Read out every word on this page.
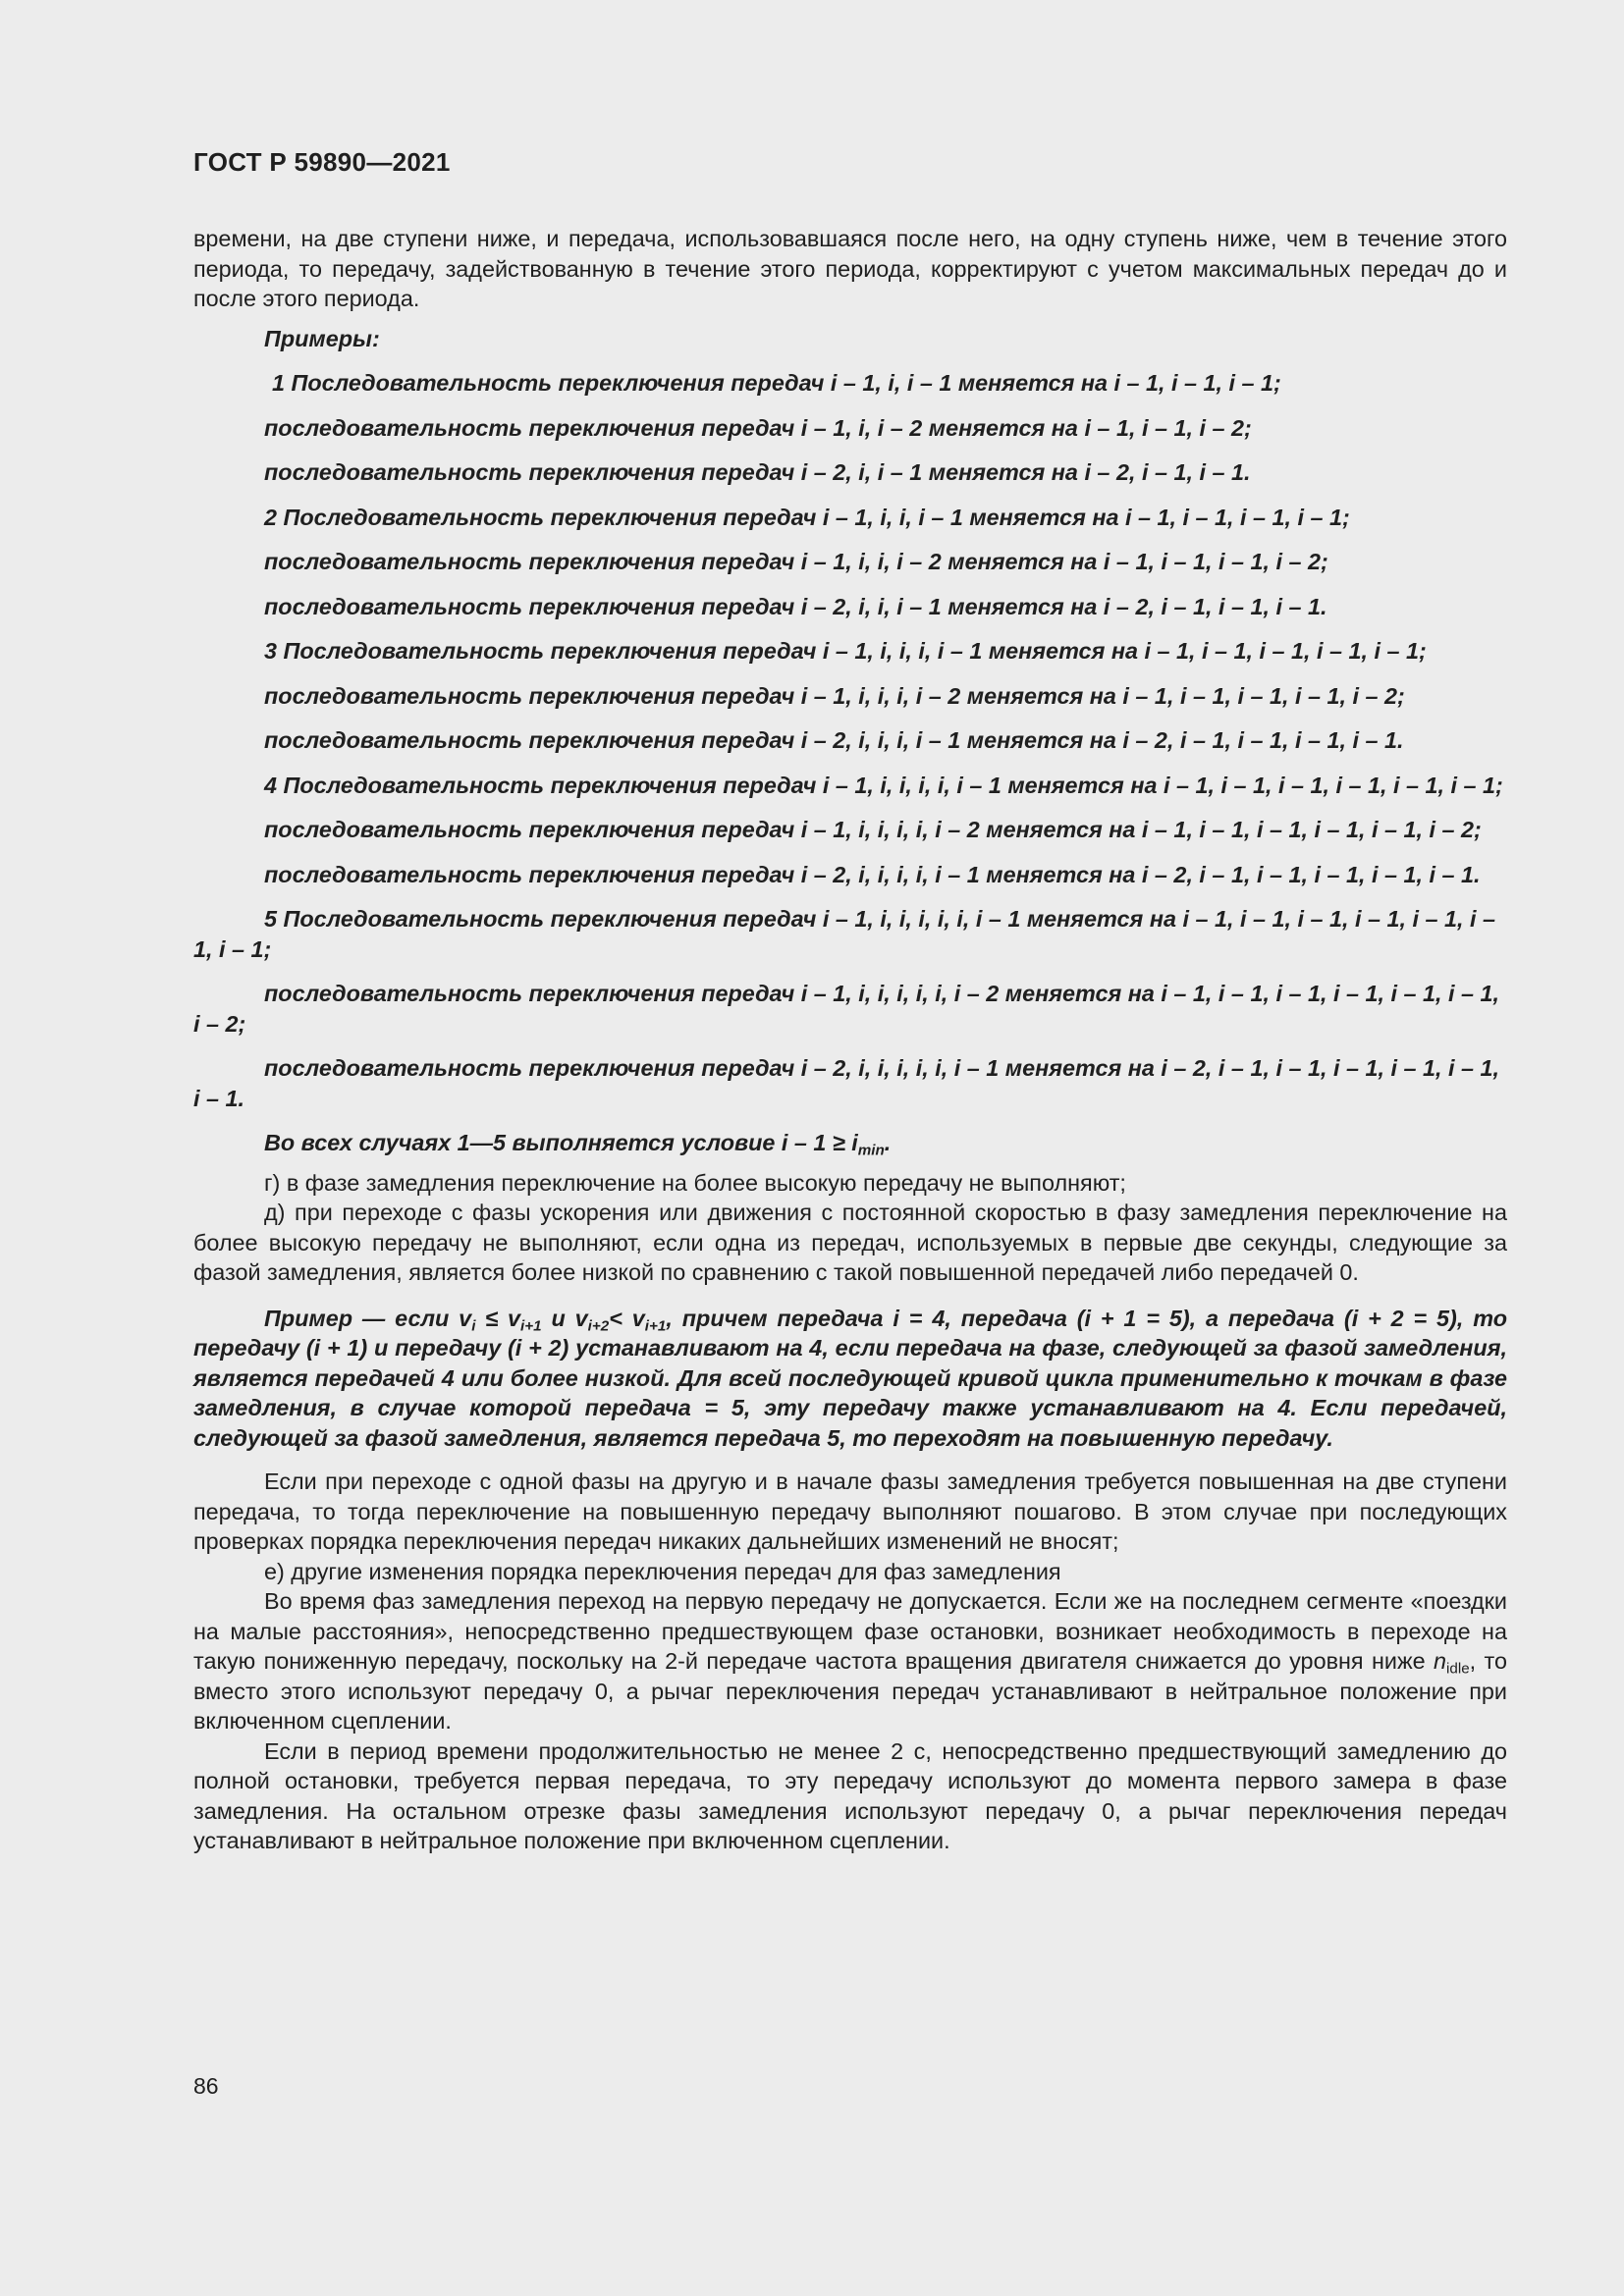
ГОСТ Р 59890—2021

времени, на две ступени ниже, и передача, использовавшаяся после него, на одну ступень ниже, чем в течение этого периода, то передачу, задействованную в течение этого периода, корректируют с учетом максимальных передач до и после этого периода.

Примеры:

1 Последовательность переключения передач i – 1, i, i – 1 меняется на i – 1, i – 1, i – 1;

последовательность переключения передач i – 1, i, i – 2 меняется на i – 1, i – 1, i – 2;

последовательность переключения передач i – 2, i, i – 1 меняется на i – 2, i – 1, i – 1.

2 Последовательность переключения передач i – 1, i, i, i – 1 меняется на i – 1, i – 1, i – 1, i – 1;

последовательность переключения передач i – 1, i, i, i – 2 меняется на i – 1, i – 1, i – 1, i – 2;

последовательность переключения передач i – 2, i, i, i – 1 меняется на i – 2, i – 1, i – 1, i – 1.

3 Последовательность переключения передач i – 1, i, i, i, i – 1 меняется на i – 1, i – 1, i – 1, i – 1, i – 1;

последовательность переключения передач i – 1, i, i, i, i – 2 меняется на i – 1, i – 1, i – 1, i – 1, i – 2;

последовательность переключения передач i – 2, i, i, i, i – 1 меняется на i – 2, i – 1, i – 1, i – 1, i – 1.

4 Последовательность переключения передач i – 1, i, i, i, i, i – 1 меняется на i – 1, i – 1, i – 1, i – 1, i – 1, i – 1;

последовательность переключения передач i – 1, i, i, i, i, i – 2 меняется на i – 1, i – 1, i – 1, i – 1, i – 1, i – 2;

последовательность переключения передач i – 2, i, i, i, i, i – 1 меняется на i – 2, i – 1, i – 1, i – 1, i – 1, i – 1.

5 Последовательность переключения передач i – 1, i, i, i, i, i, i – 1 меняется на i – 1, i – 1, i – 1, i – 1, i – 1, i – 1, i – 1;

последовательность переключения передач i – 1, i, i, i, i, i, i – 2 меняется на i – 1, i – 1, i – 1, i – 1, i – 1, i – 1, i – 2;

последовательность переключения передач i – 2, i, i, i, i, i, i – 1 меняется на i – 2, i – 1, i – 1, i – 1, i – 1, i – 1, i – 1.

Во всех случаях 1—5 выполняется условие $i - 1 \ge i_{min}$.

г) в фазе замедления переключение на более высокую передачу не выполняют;

д) при переходе с фазы ускорения или движения с постоянной скоростью в фазу замедления переключение на более высокую передачу не выполняют, если одна из передач, используемых в первые две секунды, следующие за фазой замедления, является более низкой по сравнению с такой повышенной передачей либо передачей 0.

Пример — если $v_i \le v_{i+1}$ и $v_{i+2}< v_{i+1}$, причем передача i = 4, передача (i + 1 = 5), а передача (i + 2 = 5), то передачу (i + 1) и передачу (i + 2) устанавливают на 4, если передача на фазе, следующей за фазой замедления, является передачей 4 или более низкой. Для всей последующей кривой цикла применительно к точкам в фазе замедления, в случае которой передача = 5, эту передачу также устанавливают на 4. Если передачей, следующей за фазой замедления, является передача 5, то переходят на повышенную передачу.

Если при переходе с одной фазы на другую и в начале фазы замедления требуется повышенная на две ступени передача, то тогда переключение на повышенную передачу выполняют пошагово. В этом случае при последующих проверках порядка переключения передач никаких дальнейших изменений не вносят;

е) другие изменения порядка переключения передач для фаз замедления

Во время фаз замедления переход на первую передачу не допускается. Если же на последнем сегменте «поездки на малые расстояния», непосредственно предшествующем фазе остановки, возникает необходимость в переходе на такую пониженную передачу, поскольку на 2-й передаче частота вращения двигателя снижается до уровня ниже $n_{idle}$, то вместо этого используют передачу 0, а рычаг переключения передач устанавливают в нейтральное положение при включенном сцеплении.

Если в период времени продолжительностью не менее 2 с, непосредственно предшествующий замедлению до полной остановки, требуется первая передача, то эту передачу используют до момента первого замера в фазе замедления. На остальном отрезке фазы замедления используют передачу 0, а рычаг переключения передач устанавливают в нейтральное положение при включенном сцеплении.

86
